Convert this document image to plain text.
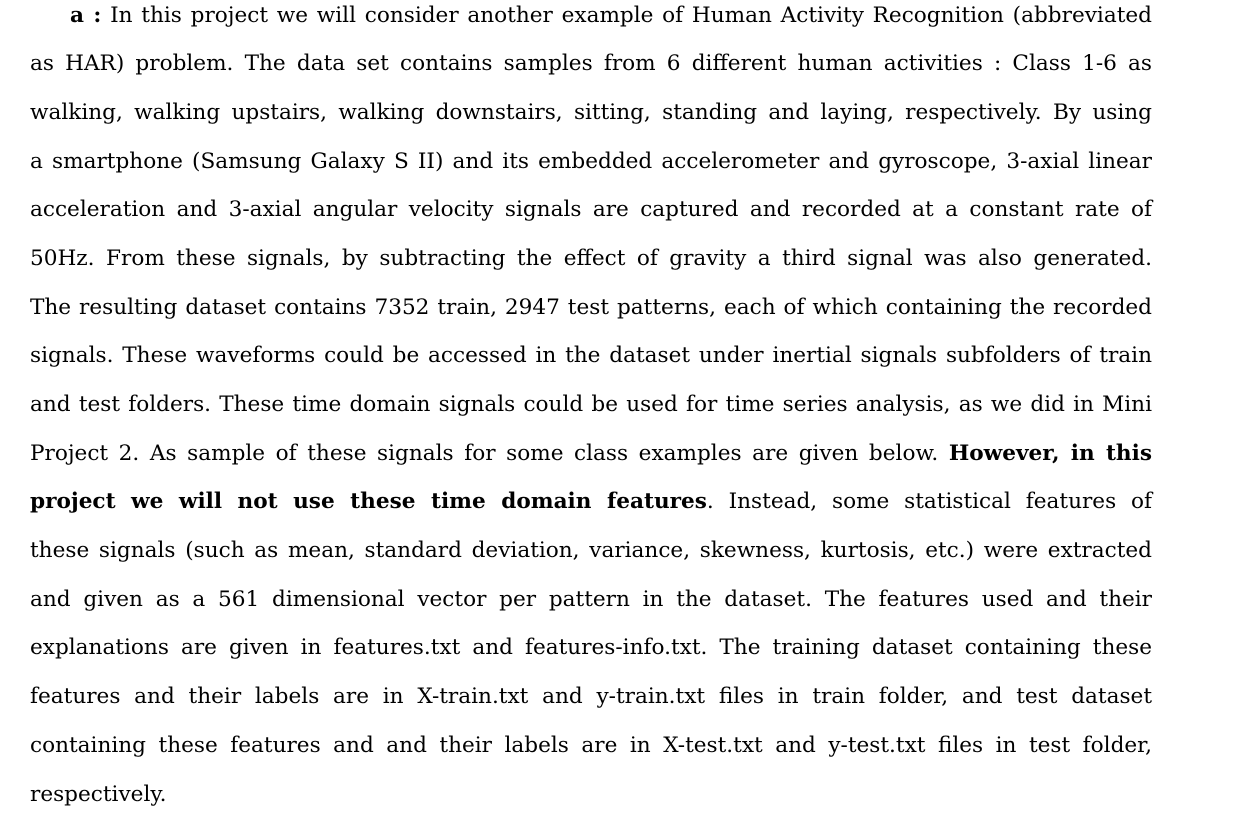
a : In this project we will consider another example of Human Activity Recognition (abbreviated
as HAR) problem. The data set contains samples from 6 different human activities : Class 1-6 as
walking, walking upstairs, walking downstairs, sitting, standing and laying, respectively. By using
a smartphone (Samsung Galaxy S II) and its embedded accelerometer and gyroscope, 3-axial linear
acceleration and 3-axial angular velocity signals are captured and recorded at a constant rate of
50Hz. From these signals, by subtracting the effect of gravity a third signal was also generated.
The resulting dataset contains 7352 train, 2947 test patterns, each of which containing the recorded
signals. These waveforms could be accessed in the dataset under inertial signals subfolders of train
and test folders. These time domain signals could be used for time series analysis, as we did in Mini
Project 2. As sample of these signals for some class examples are given below. However, in this
project we will not use these time domain features. Instead, some statistical features of
these signals (such as mean, standard deviation, variance, skewness, kurtosis, etc.) were extracted
and given as a 561 dimensional vector per pattern in the dataset. The features used and their
explanations are given in features.txt and features-info.txt. The training dataset containing these
features and their labels are in X-train.txt and y-train.txt files in train folder, and test dataset
containing these features and and their labels are in X-test.txt and y-test.txt files in test folder,
respectively.
